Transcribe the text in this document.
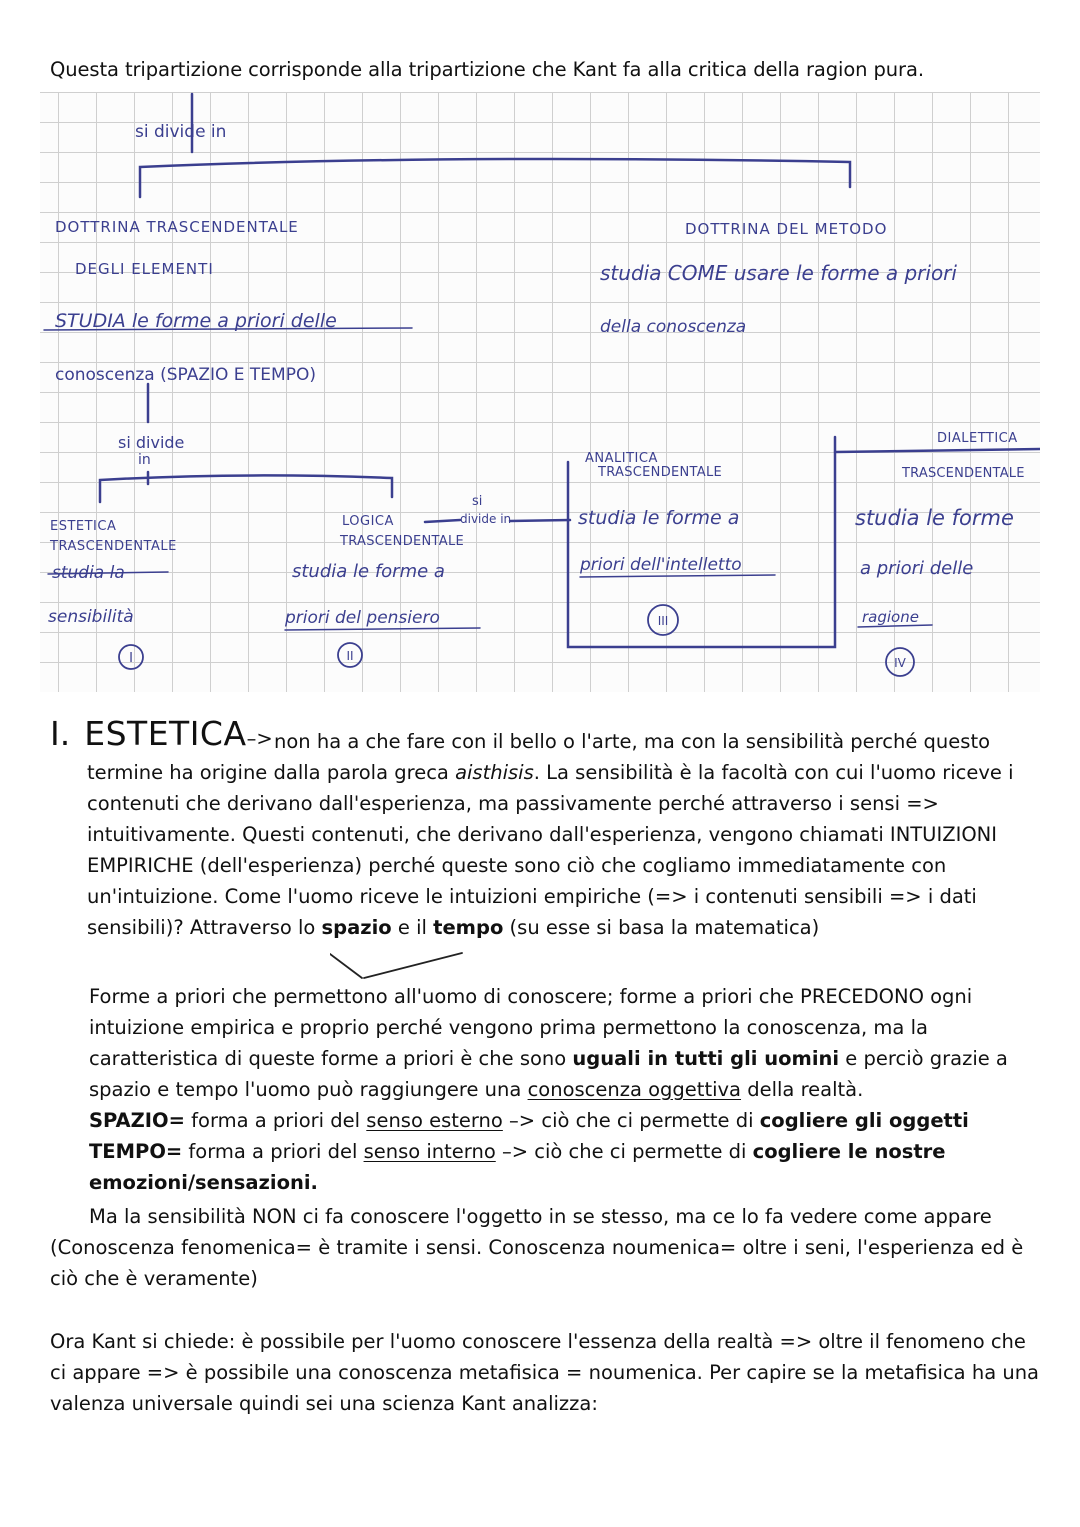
Questa tripartizione corrisponde alla tripartizione che Kant fa alla critica della ragion pura.
si divide in
DOTTRINA TRASCENDENTALE
DEGLI ELEMENTI
STUDIA le forme a priori delle
conoscenza (SPAZIO E TEMPO)
DOTTRINA DEL METODO
studia COME usare le forme a priori
della conoscenza
si divide
in
ESTETICA
TRASCENDENTALE
studia la
sensibilità
I
LOGICA
TRASCENDENTALE
si
divide in
studia le forme a
priori del pensiero
II
ANALITICA
TRASCENDENTALE
studia le forme a
priori dell'intelletto
III
DIALETTICA
TRASCENDENTALE
studia le forme
a priori delle
ragione
IV
I. ESTETICA–> non ha a che fare con il bello o l'arte, ma con la sensibilità perché questo termine ha origine dalla parola greca aisthisis. La sensibilità è la facoltà con cui l'uomo riceve i contenuti che derivano dall'esperienza, ma passivamente perché attraverso i sensi => intuitivamente. Questi contenuti, che derivano dall'esperienza, vengono chiamati INTUIZIONI EMPIRICHE (dell'esperienza) perché queste sono ciò che cogliamo immediatamente con un'intuizione. Come l'uomo riceve le intuizioni empiriche (=> i contenuti sensibili => i dati sensibili)? Attraverso lo spazio e il tempo (su esse si basa la matematica)

Forme a priori che permettono all'uomo di conoscere; forme a priori che PRECEDONO ogni intuizione empirica e proprio perché vengono prima permettono la conoscenza, ma la caratteristica di queste forme a priori è che sono uguali in tutti gli uomini e perciò grazie a spazio e tempo l'uomo può raggiungere una conoscenza oggettiva della realtà.

SPAZIO= forma a priori del senso esterno –> ciò che ci permette di cogliere gli oggetti

TEMPO= forma a priori del senso interno –> ciò che ci permette di cogliere le nostre emozioni/sensazioni.

Ma la sensibilità NON ci fa conoscere l'oggetto in se stesso, ma ce lo fa vedere come appare

(Conoscenza fenomenica= è tramite i sensi. Conoscenza noumenica= oltre i seni, l'esperienza ed è ciò che è veramente)

Ora Kant si chiede: è possibile per l'uomo conoscere l'essenza della realtà => oltre il fenomeno che ci appare => è possibile una conoscenza metafisica = noumenica. Per capire se la metafisica ha una valenza universale quindi sei una scienza Kant analizza:
